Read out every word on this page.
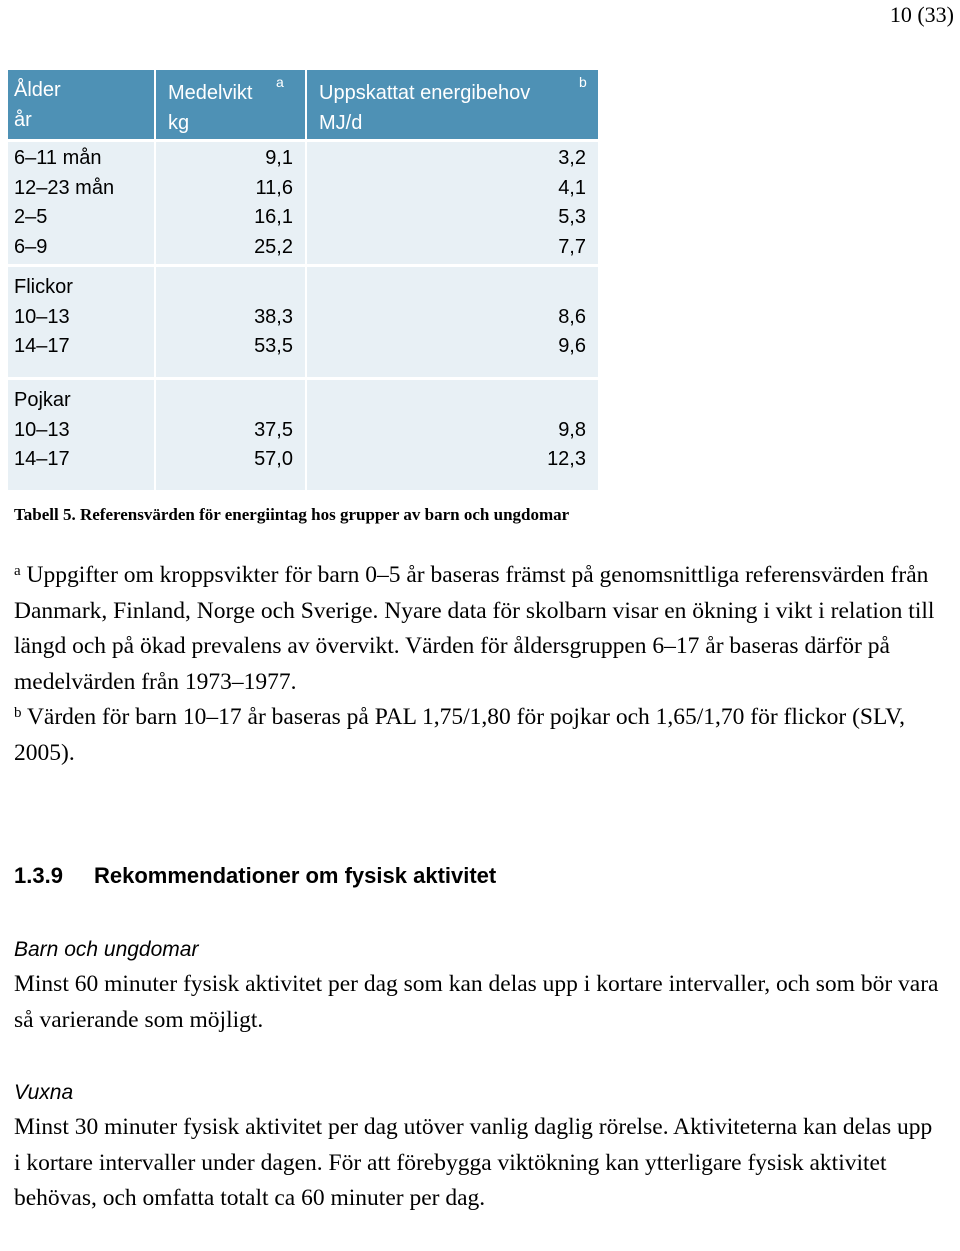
10 (33)
Ålder
år
a
Medelvikt
kg
b
Uppskattat energibehov
MJ/d
6–11 mån
12–23 mån
2–5
6–9
9,1
11,6
16,1
25,2
3,2
4,1
5,3
7,7
Flickor
10–13
14–17

38,3
53,5

8,6
9,6
Pojkar
10–13
14–17

37,5
57,0

9,8
12,3
Tabell 5. Referensvärden för energiintag hos grupper av barn och ungdomar

$^a$ Uppgifter om kroppsvikter för barn 0–5 år baseras främst på genomsnittliga referensvärden från Danmark, Finland, Norge och Sverige. Nyare data för skolbarn visar en ökning i vikt i relation till längd och på ökad prevalens av övervikt. Värden för åldersgruppen 6–17 år baseras därför på medelvärden från 1973–1977.

$^b$ Värden för barn 10–17 år baseras på PAL 1,75/1,80 för pojkar och 1,65/1,70 för flickor (SLV, 2005).

1.3.9 Rekommendationer om fysisk aktivitet
Barn och ungdomar

Minst 60 minuter fysisk aktivitet per dag som kan delas upp i kortare intervaller, och som bör vara så varierande som möjligt.

Vuxna

Minst 30 minuter fysisk aktivitet per dag utöver vanlig daglig rörelse. Aktiviteterna kan delas upp i kortare intervaller under dagen. För att förebygga viktökning kan ytterligare fysisk aktivitet behövas, och omfatta totalt ca 60 minuter per dag.
